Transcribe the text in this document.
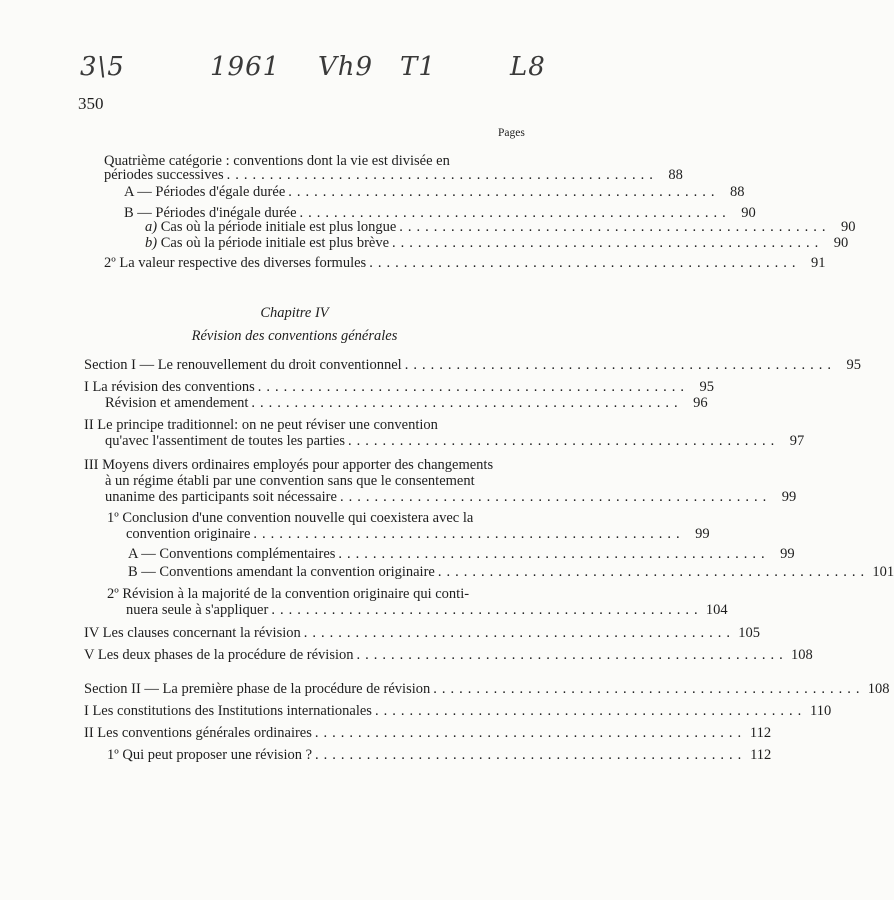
3\5	1961 Vh9 T1	L8
350
Pages
Quatrième catégorie : conventions dont la vie est divisée en
périodes successives .................................................. 88
A — Périodes d'égale durée .................................................. 88
B — Périodes d'inégale durée .................................................. 90
a) Cas où la période initiale est plus longue .................................................. 90
b) Cas où la période initiale est plus brève .................................................. 90
2º La valeur respective des diverses formules .................................................. 91
Chapitre IV
Révision des conventions générales
Section I — Le renouvellement du droit conventionnel .................................................. 95
I La révision des conventions .................................................. 95
Révision et amendement .................................................. 96
II Le principe traditionnel: on ne peut réviser une convention
qu'avec l'assentiment de toutes les parties .................................................. 97
III Moyens divers ordinaires employés pour apporter des changements
à un régime établi par une convention sans que le consentement
unanime des participants soit nécessaire .................................................. 99
1º Conclusion d'une convention nouvelle qui coexistera avec la
convention originaire .................................................. 99
A — Conventions complémentaires .................................................. 99
B — Conventions amendant la convention originaire .................................................. 101
2º Révision à la majorité de la convention originaire qui conti-
nuera seule à s'appliquer .................................................. 104
IV Les clauses concernant la révision .................................................. 105
V Les deux phases de la procédure de révision .................................................. 108
Section II — La première phase de la procédure de révision .................................................. 108
I Les constitutions des Institutions internationales .................................................. 110
II Les conventions générales ordinaires .................................................. 112
1º Qui peut proposer une révision ? .................................................. 112
